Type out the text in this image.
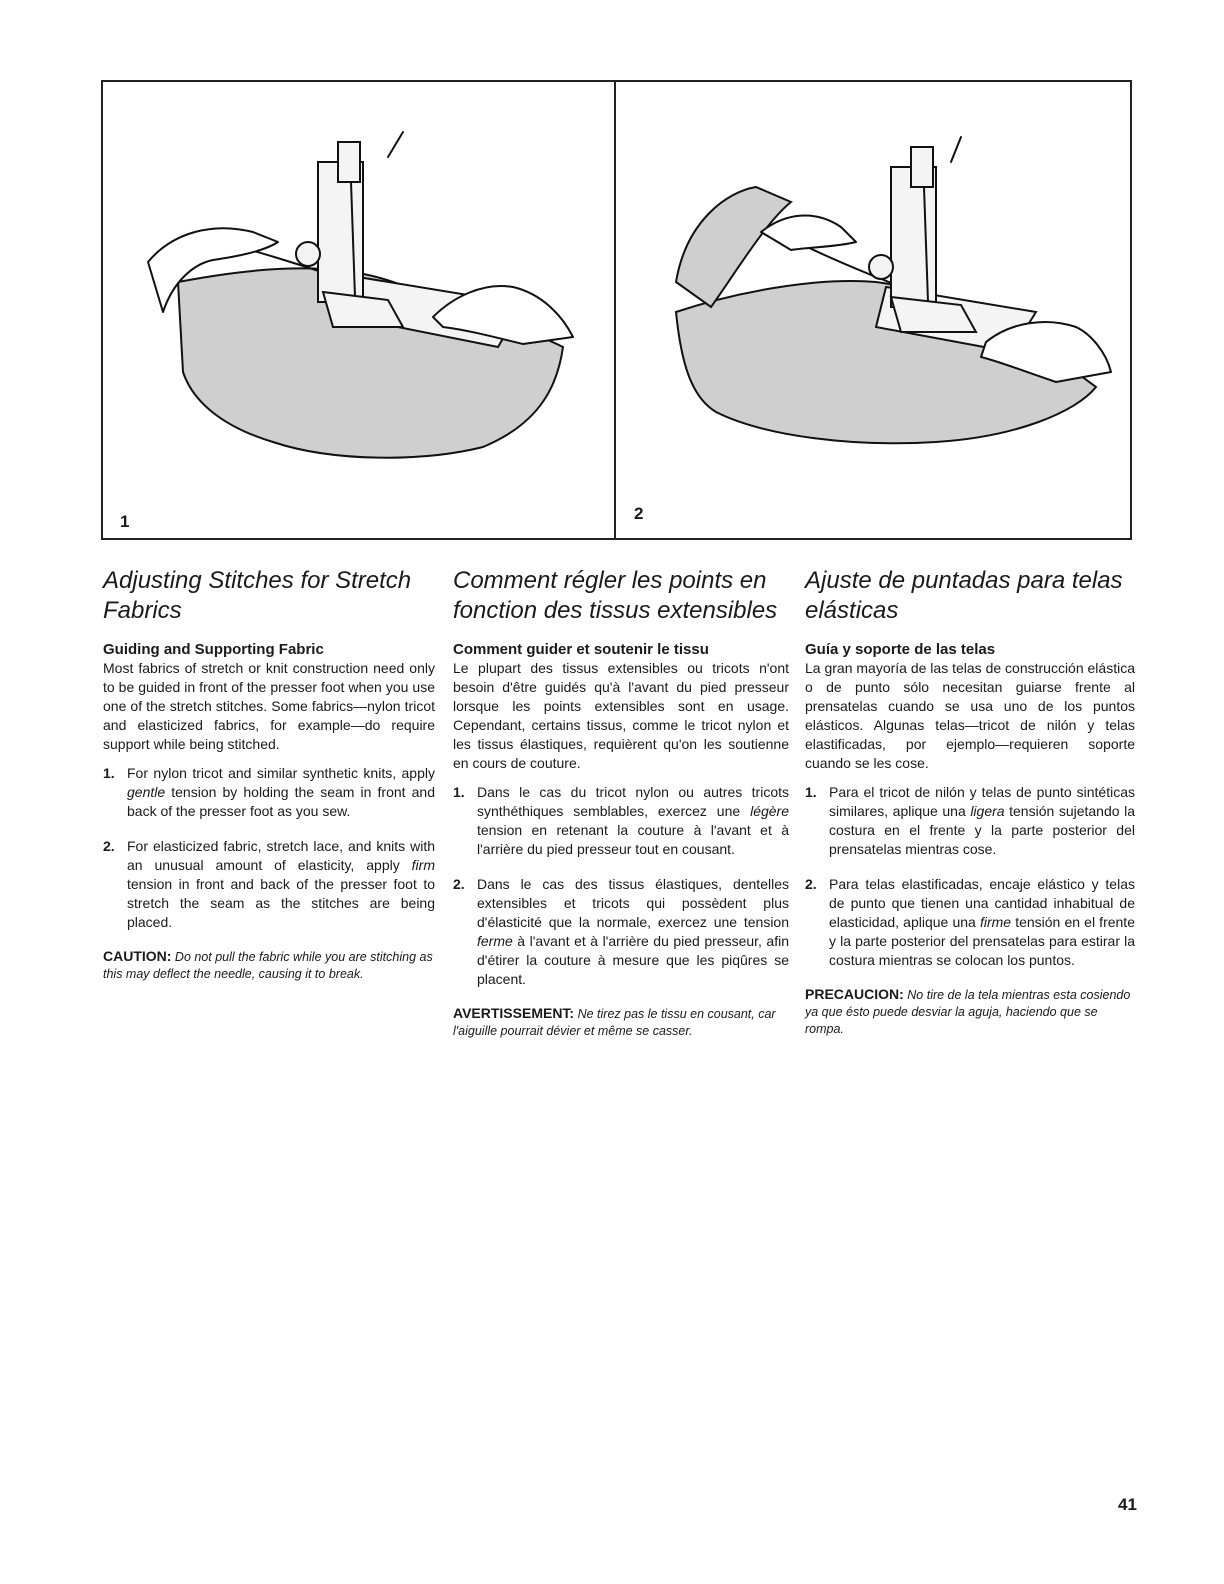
1	2
Adjusting Stitches for Stretch Fabrics

Guiding and Supporting Fabric

Most fabrics of stretch or knit construction need only to be guided in front of the presser foot when you use one of the stretch stitches. Some fabrics—nylon tricot and elasticized fabrics, for example—do require support while being stitched.

1. For nylon tricot and similar synthetic knits, apply gentle tension by holding the seam in front and back of the presser foot as you sew.
2. For elasticized fabric, stretch lace, and knits with an unusual amount of elasticity, apply firm tension in front and back of the presser foot to stretch the seam as the stitches are being placed.

CAUTION: Do not pull the fabric while you are stitching as this may deflect the needle, causing it to break.

Comment régler les points en fonction des tissus extensibles

Comment guider et soutenir le tissu

Le plupart des tissus extensibles ou tricots n'ont besoin d'être guidés qu'à l'avant du pied presseur lorsque les points extensibles sont en usage. Cependant, certains tissus, comme le tricot nylon et les tissus élastiques, requièrent qu'on les soutienne en cours de couture.

1. Dans le cas du tricot nylon ou autres tricots synthéthiques semblables, exercez une légère tension en retenant la couture à l'avant et à l'arrière du pied presseur tout en cousant.
2. Dans le cas des tissus élastiques, dentelles extensibles et tricots qui possèdent plus d'élasticité que la normale, exercez une tension ferme à l'avant et à l'arrière du pied presseur, afin d'étirer la couture à mesure que les piqûres se placent.

AVERTISSEMENT: Ne tirez pas le tissu en cousant, car l'aiguille pourrait dévier et même se casser.

Ajuste de puntadas para telas elásticas

Guía y soporte de las telas

La gran mayoría de las telas de construcción elástica o de punto sólo necesitan guiarse frente al prensatelas cuando se usa uno de los puntos elásticos. Algunas telas—tricot de nilón y telas elastificadas, por ejemplo—requieren soporte cuando se les cose.

1. Para el tricot de nilón y telas de punto sintéticas similares, aplique una ligera tensión sujetando la costura en el frente y la parte posterior del prensatelas mientras cose.
2. Para telas elastificadas, encaje elástico y telas de punto que tienen una cantidad inhabitual de elasticidad, aplique una firme tensión en el frente y la parte posterior del prensatelas para estirar la costura mientras se colocan los puntos.

PRECAUCION: No tire de la tela mientras esta cosiendo ya que ésto puede desviar la aguja, haciendo que se rompa.

41
